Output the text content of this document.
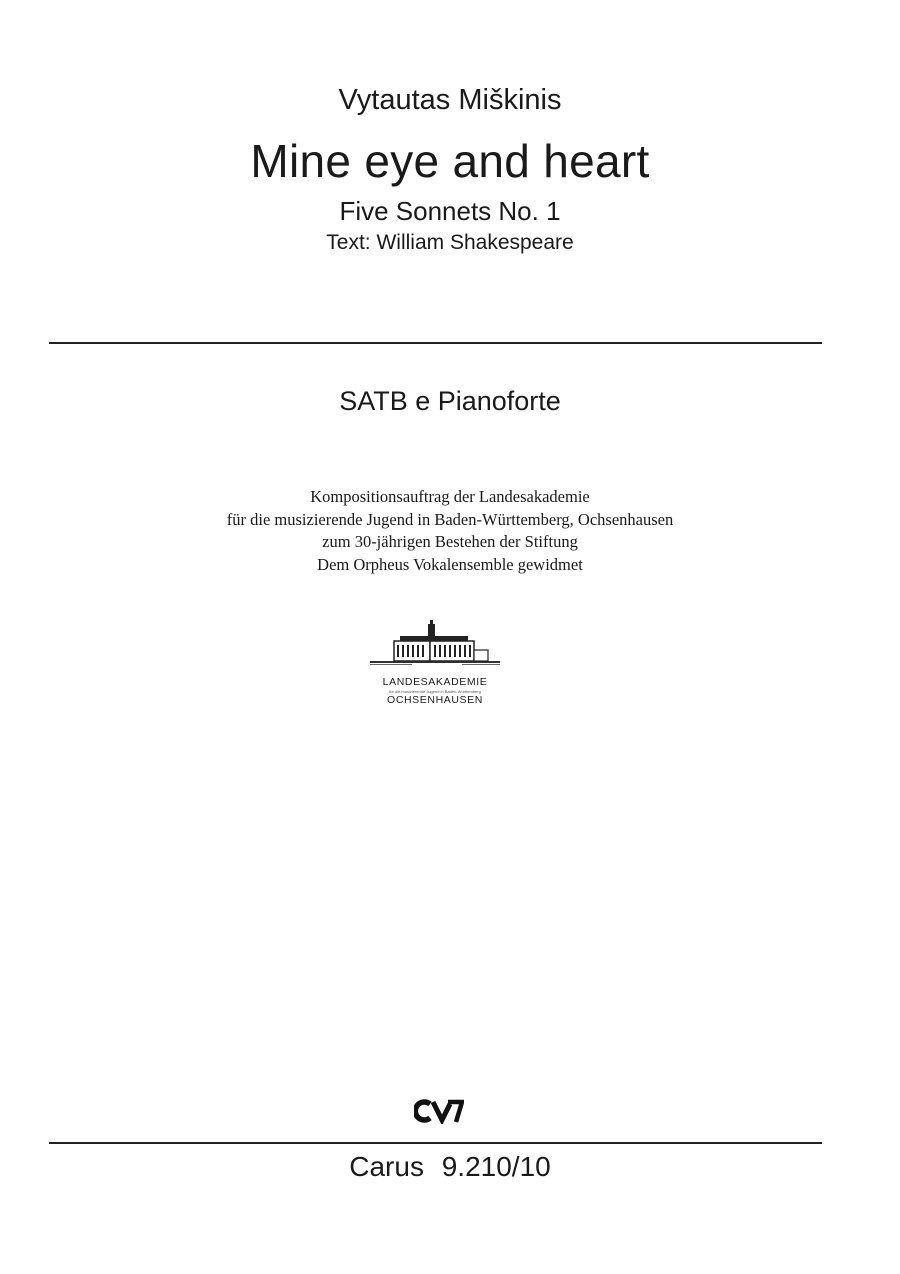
Vytautas Miškinis
Mine eye and heart
Five Sonnets No. 1
Text: William Shakespeare
SATB e Pianoforte
Kompositionsauftrag der Landesakademie
für die musizierende Jugend in Baden-Württemberg, Ochsenhausen
zum 30-jährigen Bestehen der Stiftung
Dem Orpheus Vokalensemble gewidmet
LANDESAKADEMIE
für die musizierende Jugend in Baden-Württemberg
OCHSENHAUSEN
Carus 9.210/10
